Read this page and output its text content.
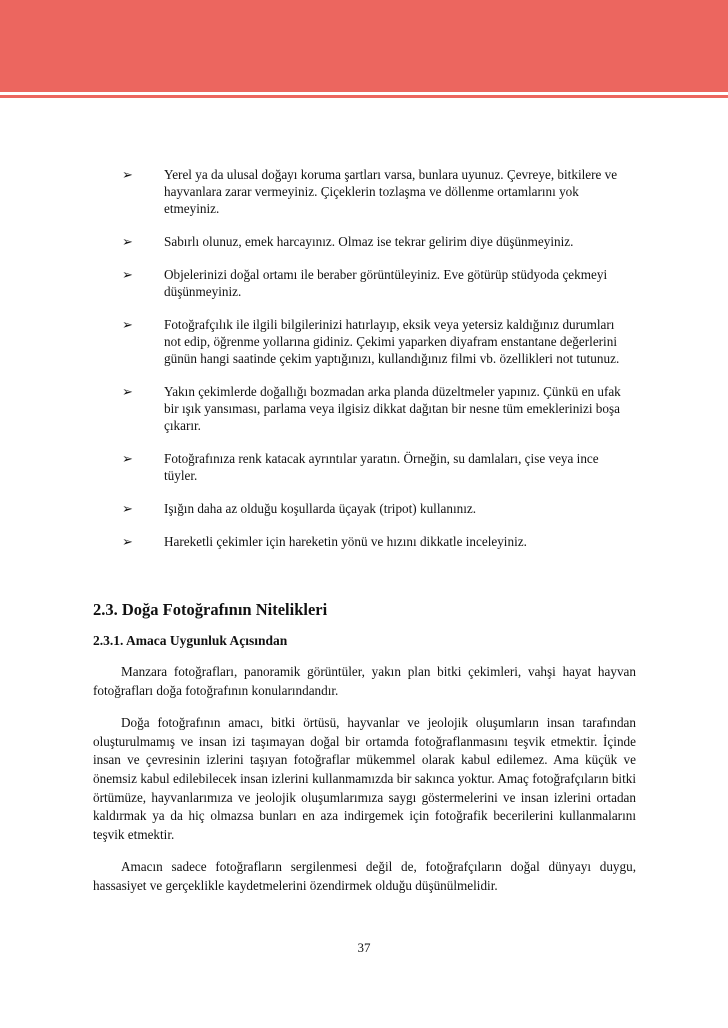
➢ Yerel ya da ulusal doğayı koruma şartları varsa, bunlara uyunuz. Çevreye, bitkilere ve hayvanlara zarar vermeyiniz. Çiçeklerin tozlaşma ve döllenme ortamlarını yok etmeyiniz.
➢ Sabırlı olunuz, emek harcayınız. Olmaz ise tekrar gelirim diye düşünmeyiniz.
➢ Objelerinizi doğal ortamı ile beraber görüntüleyiniz. Eve götürüp stüdyoda çekmeyi düşünmeyiniz.
➢ Fotoğrafçılık ile ilgili bilgilerinizi hatırlayıp, eksik veya yetersiz kaldığınız durumları not edip, öğrenme yollarına gidiniz. Çekimi yaparken diyafram enstantane değerlerini günün hangi saatinde çekim yaptığınızı, kullandığınız filmi vb. özellikleri not tutunuz.
➢ Yakın çekimlerde doğallığı bozmadan arka planda düzeltmeler yapınız. Çünkü en ufak bir ışık yansıması, parlama veya ilgisiz dikkat dağıtan bir nesne tüm emeklerinizi boşa çıkarır.
➢ Fotoğrafınıza renk katacak ayrıntılar yaratın. Örneğin, su damlaları, çise veya ince tüyler.
➢ Işığın daha az olduğu koşullarda üçayak (tripot) kullanınız.
➢ Hareketli çekimler için hareketin yönü ve hızını dikkatle inceleyiniz.
2.3. Doğa Fotoğrafının Nitelikleri
2.3.1. Amaca Uygunluk Açısından

Manzara fotoğrafları, panoramik görüntüler, yakın plan bitki çekimleri, vahşi hayat hayvan fotoğrafları doğa fotoğrafının konularındandır.

Doğa fotoğrafının amacı, bitki örtüsü, hayvanlar ve jeolojik oluşumların insan tarafından oluşturulmamış ve insan izi taşımayan doğal bir ortamda fotoğraflanmasını teşvik etmektir. İçinde insan ve çevresinin izlerini taşıyan fotoğraflar mükemmel olarak kabul edilemez. Ama küçük ve önemsiz kabul edilebilecek insan izlerini kullanmamızda bir sakınca yoktur. Amaç fotoğrafçıların bitki örtümüze, hayvanlarımıza ve jeolojik oluşumlarımıza saygı göstermelerini ve insan izlerini ortadan kaldırmak ya da hiç olmazsa bunları en aza indirgemek için fotoğrafik becerilerini kullanmalarını teşvik etmektir.

Amacın sadece fotoğrafların sergilenmesi değil de, fotoğrafçıların doğal dünyayı duygu, hassasiyet ve gerçeklikle kaydetmelerini özendirmek olduğu düşünülmelidir.

37
